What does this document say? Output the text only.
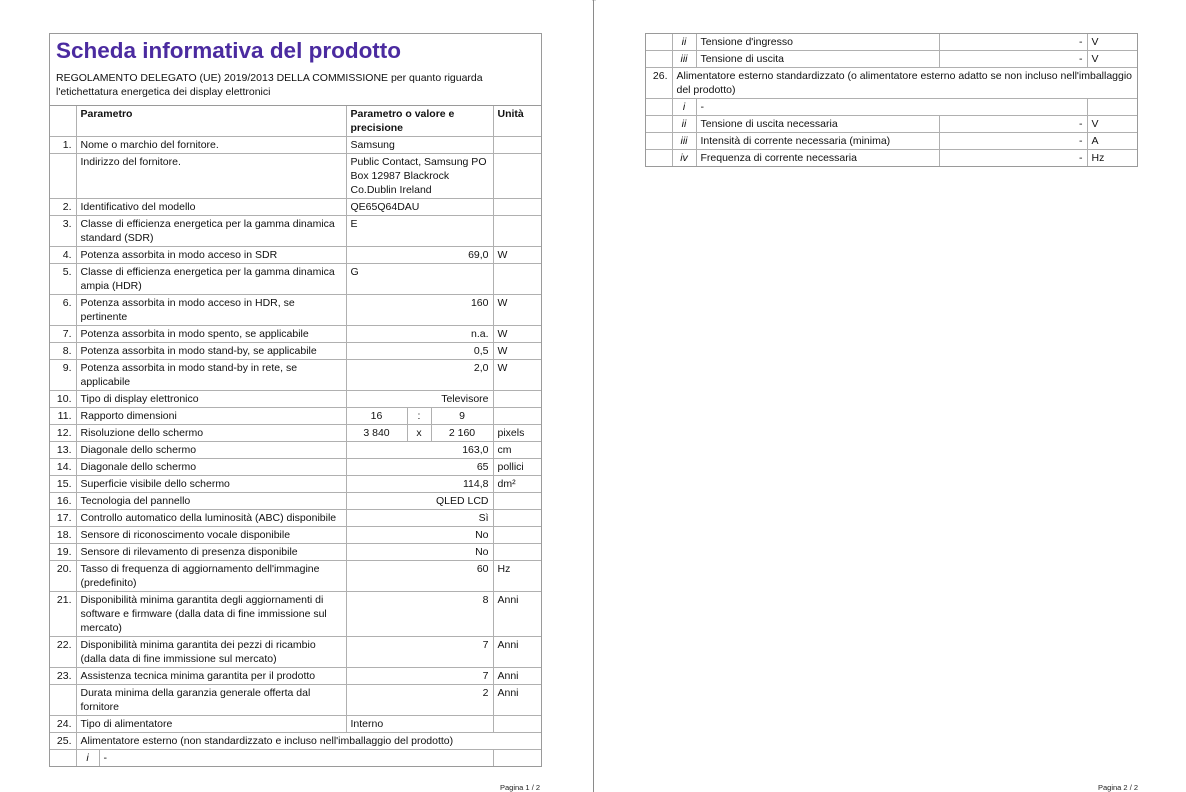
Scheda informativa del prodotto
REGOLAMENTO DELEGATO (UE) 2019/2013 DELLA COMMISSIONE per quanto riguarda l'etichettatura energetica dei display elettronici
	Parametro	Parametro o valore e precisione	Unità
1.	Nome o marchio del fornitore.	Samsung	
	Indirizzo del fornitore.	Public Contact, Samsung PO Box 12987 Blackrock Co.Dublin Ireland	
2.	Identificativo del modello	QE65Q64DAU	
3.	Classe di efficienza energetica per la gamma dinamica standard (SDR)	E	
4.	Potenza assorbita in modo acceso in SDR	69,0	W
5.	Classe di efficienza energetica per la gamma dinamica ampia (HDR)	G	
6.	Potenza assorbita in modo acceso in HDR, se pertinente	160	W
7.	Potenza assorbita in modo spento, se applicabile	n.a.	W
8.	Potenza assorbita in modo stand-by, se applicabile	0,5	W
9.	Potenza assorbita in modo stand-by in rete, se applicabile	2,0	W
10.	Tipo di display elettronico	Televisore	
11.	Rapporto dimensioni	16 : 9	

12.	Risoluzione dello schermo	3 840 x 2 160	pixels
13.	Diagonale dello schermo	163,0	cm
14.	Diagonale dello schermo	65	pollici
15.	Superficie visibile dello schermo	114,8	dm²
16.	Tecnologia del pannello	QLED LCD	
17.	Controllo automatico della luminosità (ABC) disponibile	Sì	
18.	Sensore di riconoscimento vocale disponibile	No	
19.	Sensore di rilevamento di presenza disponibile	No	
20.	Tasso di frequenza di aggiornamento dell'immagine (predefinito)	60	Hz
21.	Disponibilità minima garantita degli aggiornamenti di software e firmware (dalla data di fine immissione sul mercato)	8	Anni
22.	Disponibilità minima garantita dei pezzi di ricambio (dalla data di fine immissione sul mercato)	7	Anni
23.	Assistenza tecnica minima garantita per il prodotto	7	Anni
	Durata minima della garanzia generale offerta dal fornitore	2	Anni
24.	Tipo di alimentatore	Interno	
25.	Alimentatore esterno (non standardizzato e incluso nell'imballaggio del prodotto)		

	i -		

Pagina 1 / 2
	ii	Tensione d'ingresso	-	V
	iii	Tensione di uscita	-	V
26.	Alimentatore esterno standardizzato (o alimentatore esterno adatto se non incluso nell'imballaggio del prodotto)			
	i	-		
	ii	Tensione di uscita necessaria	-	V
	iii	Intensità di corrente necessaria (minima)	-	A
	iv	Frequenza di corrente necessaria	-	Hz
Pagina 2 / 2
